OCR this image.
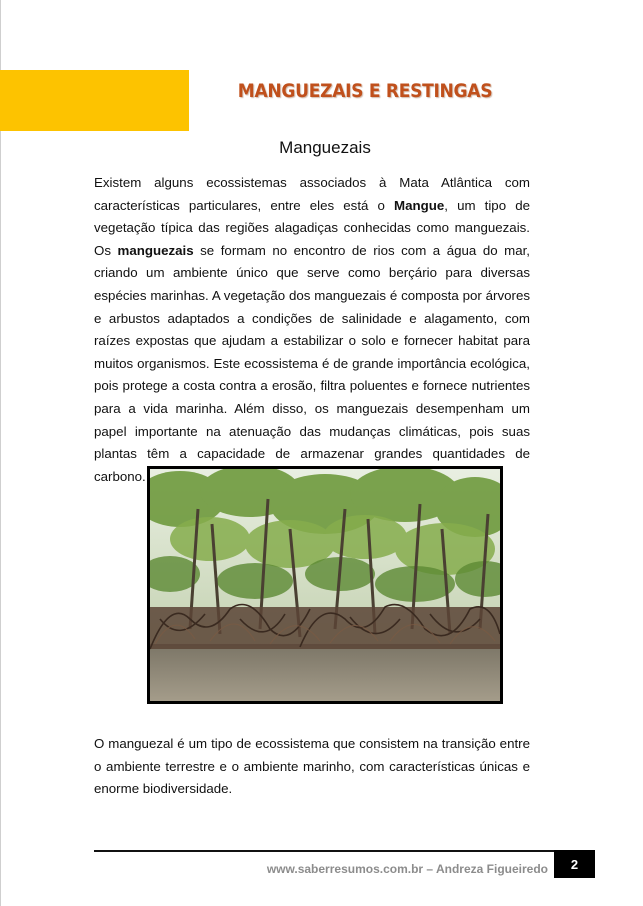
MANGUEZAIS E RESTINGAS
Manguezais

Existem alguns ecossistemas associados à Mata Atlântica com características particulares, entre eles está o Mangue, um tipo de vegetação típica das regiões alagadiças conhecidas como manguezais. Os manguezais se formam no encontro de rios com a água do mar, criando um ambiente único que serve como berçário para diversas espécies marinhas. A vegetação dos manguezais é composta por árvores e arbustos adaptados a condições de salinidade e alagamento, com raízes expostas que ajudam a estabilizar o solo e fornecer habitat para muitos organismos. Este ecossistema é de grande importância ecológica, pois protege a costa contra a erosão, filtra poluentes e fornece nutrientes para a vida marinha. Além disso, os manguezais desempenham um papel importante na atenuação das mudanças climáticas, pois suas plantas têm a capacidade de armazenar grandes quantidades de carbono.

O manguezal é um tipo de ecossistema que consistem na transição entre o ambiente terrestre e o ambiente marinho, com características únicas e enorme biodiversidade.

www.saberresumos.com.br – Andreza Figueiredo	2
